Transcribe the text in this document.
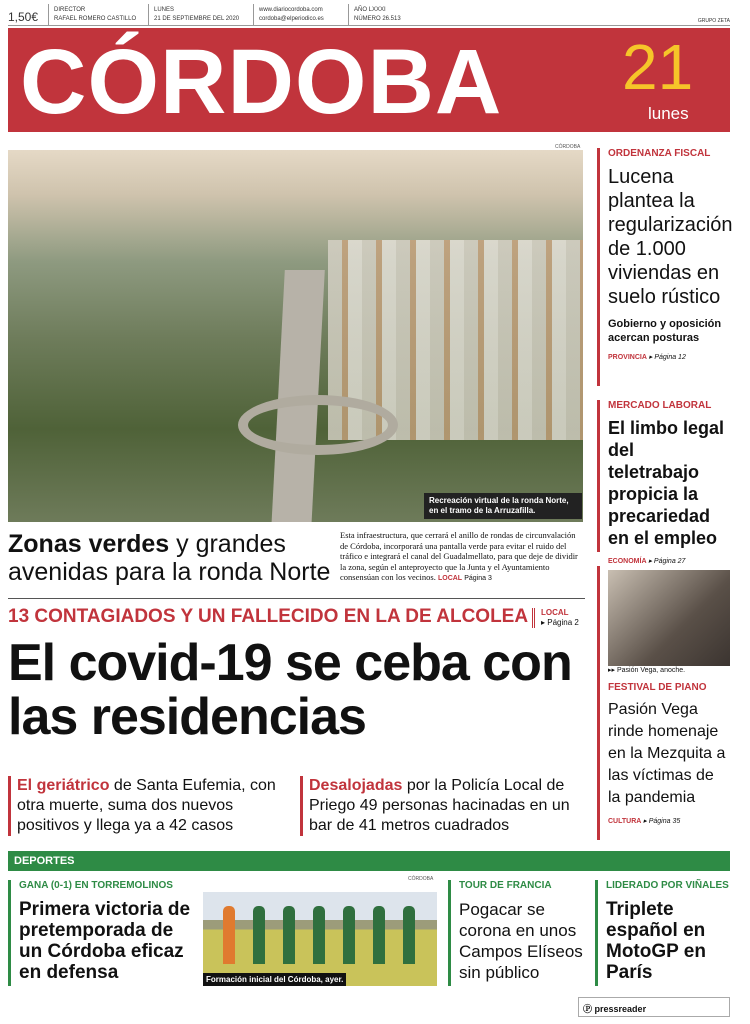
1,50€	DIRECTOR
RAFAEL ROMERO CASTILLO
LUNES
21 DE SEPTIEMBRE DEL 2020
www.diariocordoba.com
cordoba@elperiodico.es
AÑO LXXXI
NÚMERO 26.513	GRUPO ZETA
CÓRDOBA 21
lunes
CÓRDOBA
Recreación virtual de la ronda Norte, en el tramo de la Arruzafilla.
Zonas verdes y grandes avenidas para la ronda Norte
Esta infraestructura, que cerrará el anillo de rondas de circunvalación de Córdoba, incorporará una pantalla verde para evitar el ruido del tráfico e integrará el canal del Guadalmellato, para que deje de dividir la zona, según el anteproyecto que la Junta y el Ayuntamiento consensúan con los vecinos. LOCAL Página 3
13 CONTAGIADOS Y UN FALLECIDO EN LA DE ALCOLEA LOCAL
▸ Página 2
El covid-19 se ceba con las residencias
El geriátrico de Santa Eufemia, con otra muerte, suma dos nuevos positivos y llega ya a 42 casos
Desalojadas por la Policía Local de Priego 49 personas hacinadas en un bar de 41 metros cuadrados
ORDENANZA FISCAL
Lucena plantea la regularización de 1.000 viviendas en suelo rústico
Gobierno y oposición acercan posturas
PROVINCIA ▸ Página 12
MERCADO LABORAL
El limbo legal del teletrabajo propicia la precariedad en el empleo
ECONOMÍA ▸ Página 27
▸▸ Pasión Vega, anoche.
FESTIVAL DE PIANO
Pasión Vega rinde homenaje en la Mezquita a las víctimas de la pandemia
CULTURA ▸ Página 35
DEPORTES
GANA (0-1) EN TORREMOLINOS
Primera victoria de pretemporada de un Córdoba eficaz en defensa
CÓRDOBA
Formación inicial del Córdoba, ayer.
TOUR DE FRANCIA
Pogacar se corona en unos Campos Elíseos sin público
LIDERADO POR VIÑALES
Triplete español en MotoGP en París
Ⓟ pressreader
